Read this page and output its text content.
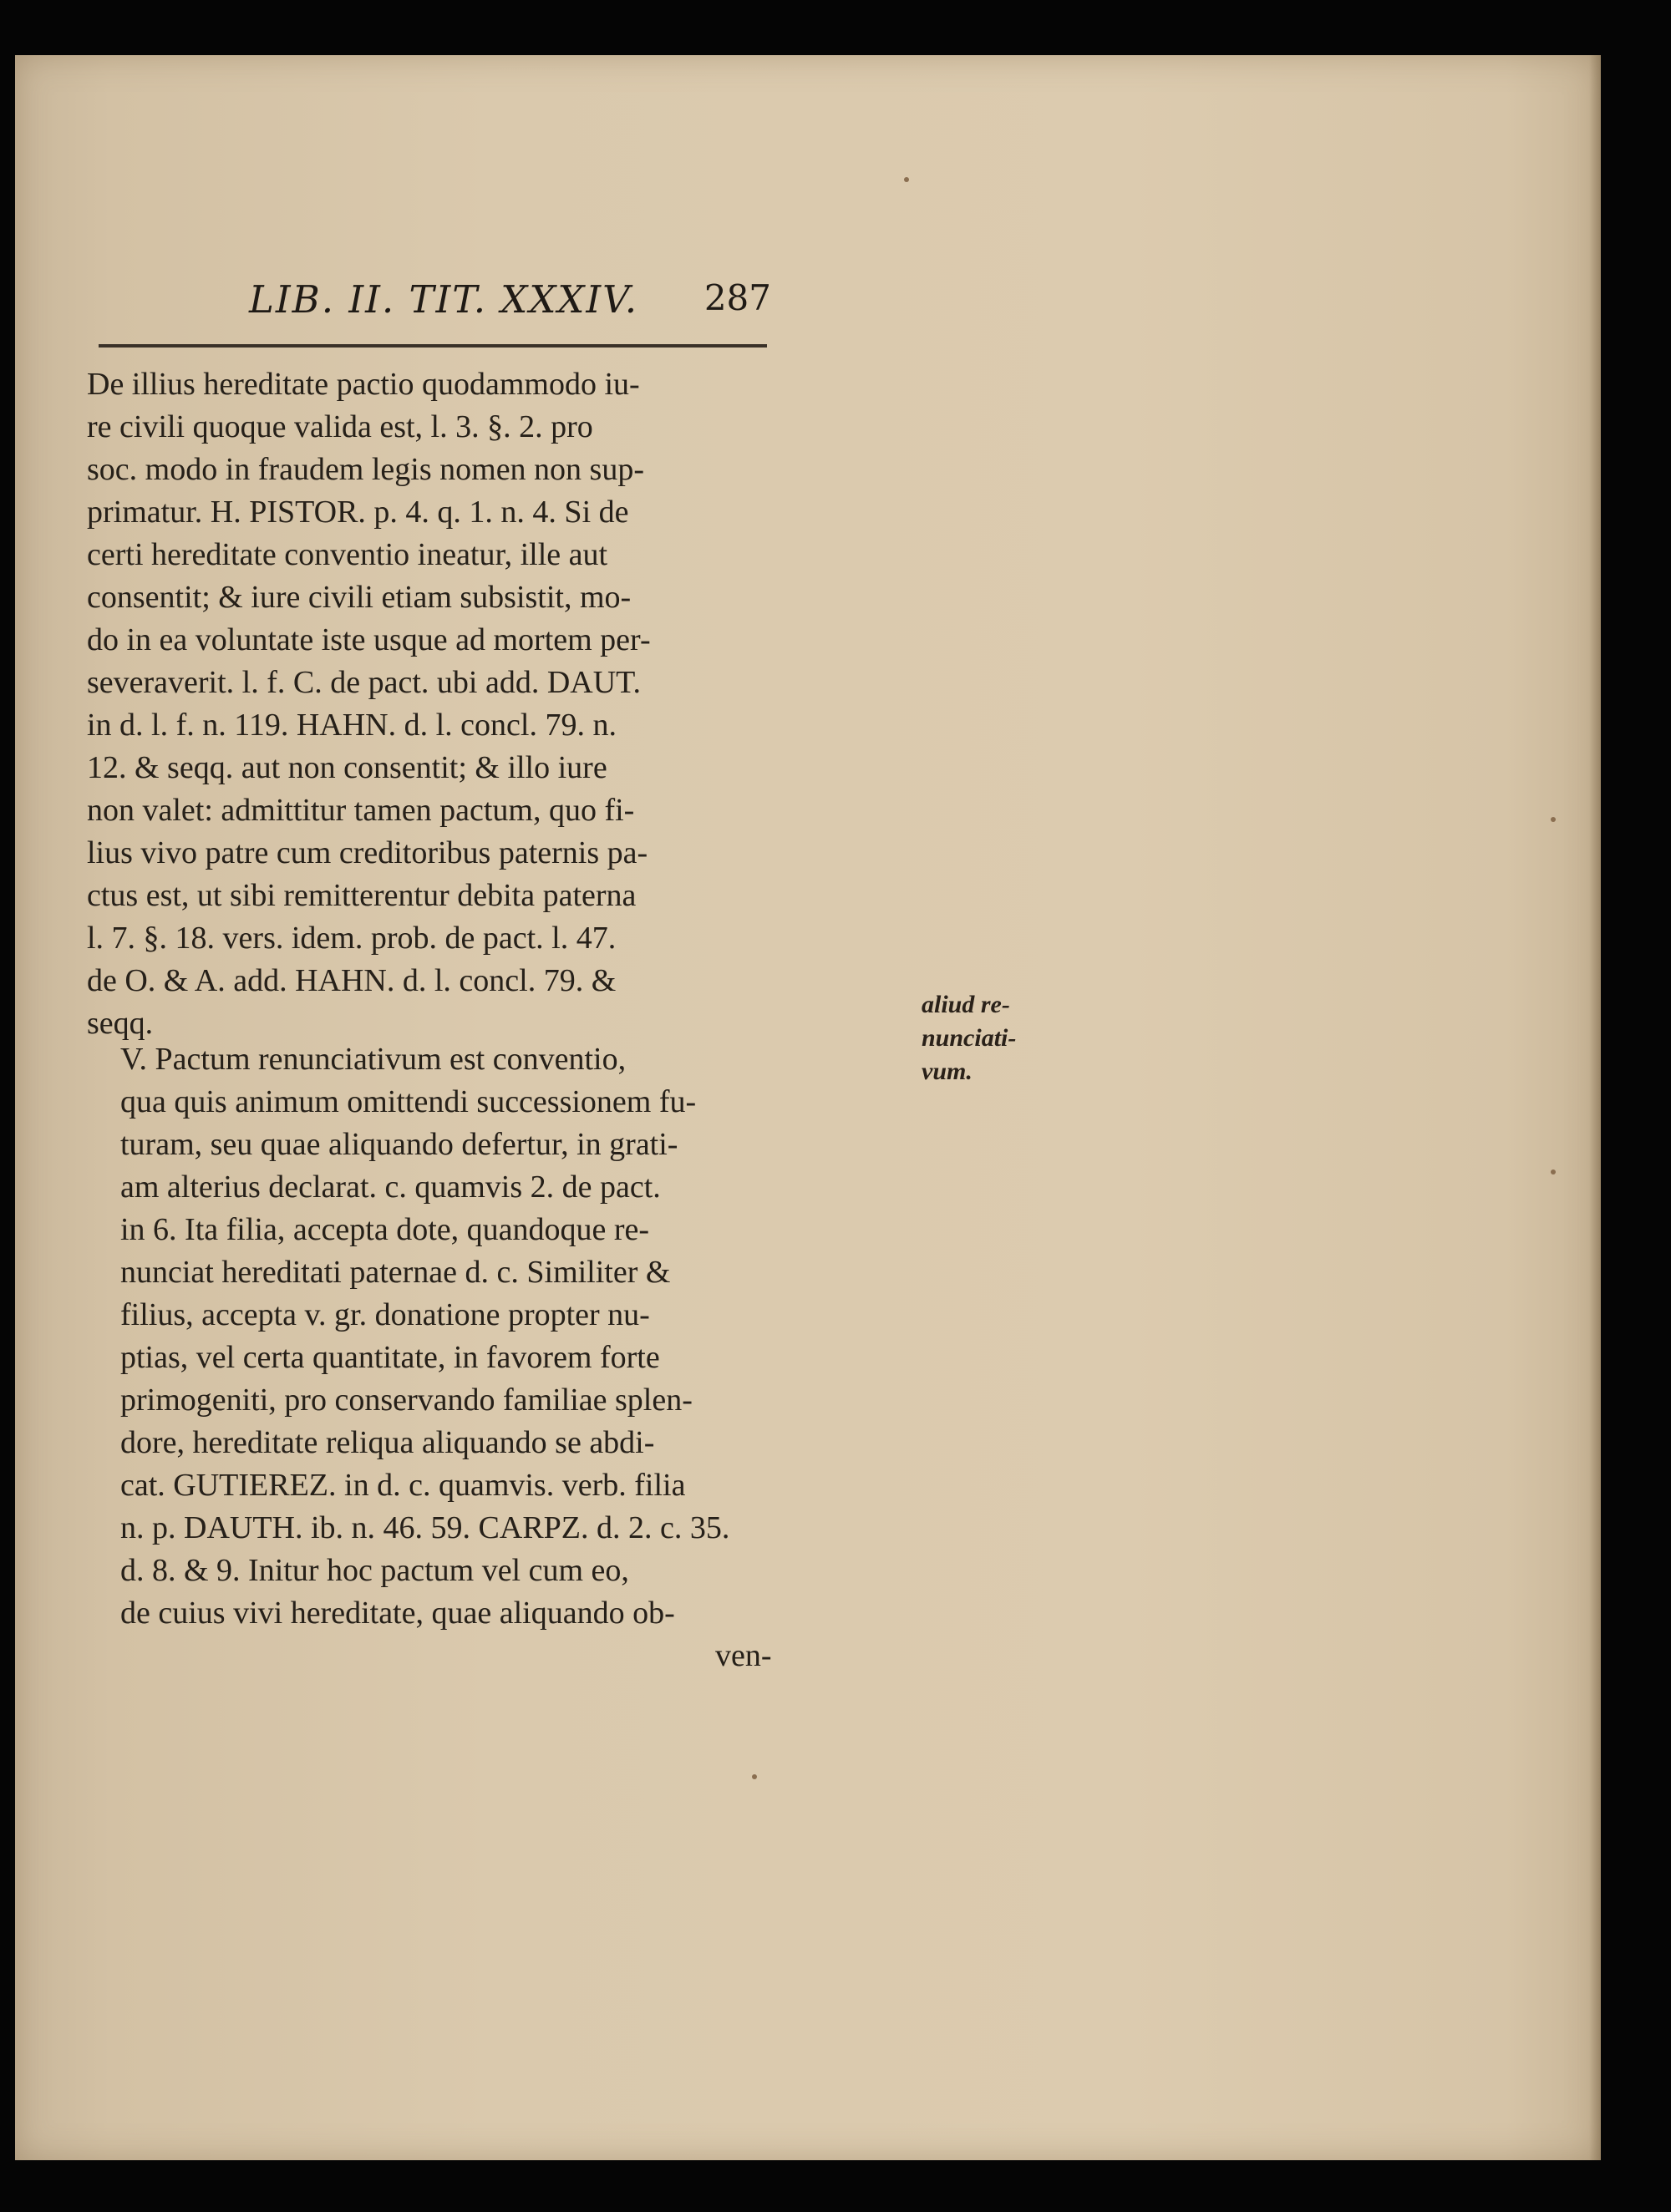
LIB. II. TIT. XXXIV. 287
De illius hereditate pactio quodammodo iu-
re civili quoque valida est, l. 3. §. 2. pro
soc. modo in fraudem legis nomen non sup-
primatur. H. PISTOR. p. 4. q. 1. n. 4. Si de
certi hereditate conventio ineatur, ille aut
consentit; & iure civili etiam subsistit, mo-
do in ea voluntate iste usque ad mortem per-
severaverit. l. f. C. de pact. ubi add. DAUT.
in d. l. f. n. 119. HAHN. d. l. concl. 79. n.
12. & seqq. aut non consentit; & illo iure
non valet: admittitur tamen pactum, quo fi-
lius vivo patre cum creditoribus paternis pa-
ctus est, ut sibi remitterentur debita paterna
l. 7. §. 18. vers. idem. prob. de pact. l. 47.
de O. & A. add. HAHN. d. l. concl. 79. &
seqq.
V. Pactum renunciativum est conventio,
qua quis animum omittendi successionem fu-
turam, seu quae aliquando defertur, in grati-
am alterius declarat. c. quamvis 2. de pact.
in 6. Ita filia, accepta dote, quandoque re-
nunciat hereditati paternae d. c. Similiter &
filius, accepta v. gr. donatione propter nu-
ptias, vel certa quantitate, in favorem forte
primogeniti, pro conservando familiae splen-
dore, hereditate reliqua aliquando se abdi-
cat. GUTIEREZ. in d. c. quamvis. verb. filia
n. p. DAUTH. ib. n. 46. 59. CARPZ. d. 2. c. 35.
d. 8. & 9. Initur hoc pactum vel cum eo,
de cuius vivi hereditate, quae aliquando ob-
ven-
aliud re-
nunciati-
vum.
